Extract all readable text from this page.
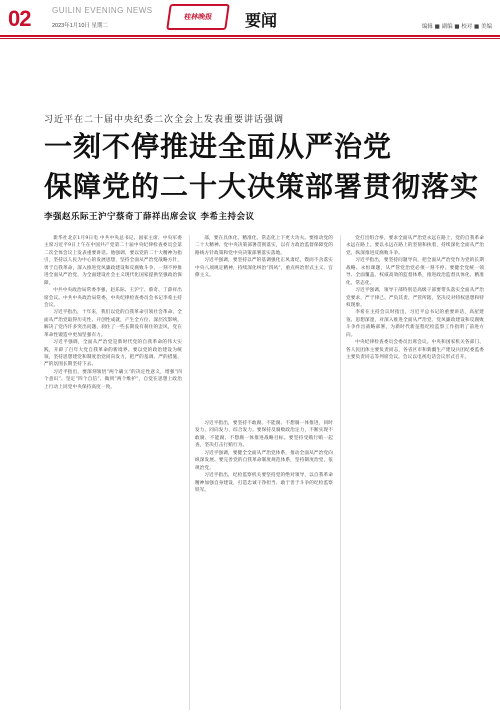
02	GUILIN EVENING NEWS
2023年1月10日 星期二
桂林晚报 要闻	编辑 ■ 副编 ■ 校对 ■ 美编
习近平在二十届中央纪委二次全会上发表重要讲话强调
一刻不停推进全面从严治党
保障党的二十大决策部署贯彻落实
李强赵乐际王沪宁蔡奇丁薛祥出席会议 李希主持会议

新华社北京1月9日电 中共中央总书记、国家主席、中央军委主席习近平9日上午在中国共产党第二十届中央纪律检查委员会第二次全体会议上发表重要讲话。他强调，要以党的二十大精神为指引，坚持以人民为中心的发展思想，坚持全面从严治党战略方针，勇于自我革命，深入推进党风廉政建设和反腐败斗争，一刻不停推进全面从严治党，为全面建设社会主义现代化国家提供坚强政治保障。

中共中央政治局常委李强、赵乐际、王沪宁、蔡奇、丁薛祥出席会议。中共中央政治局常委、中央纪律检查委员会书记李希主持会议。

习近平指出，十年来，我们以党的自我革命引领社会革命，全面从严治党取得历史性、开创性成就，产生全方位、深层次影响，解决了党内许多突出问题，刹住了一些长期没有刹住的歪风，党在革命性锻造中更加坚强有力。

习近平强调，全面从严治党是新时代党的自我革命的伟大实践，开辟了百年大党自我革命的新境界。要以党的政治建设为统领，坚持思想建党和制度治党同向发力，把严的基调、严的措施、严的氛围长期坚持下去。

习近平指出，要深刻领悟“两个确立”的决定性意义，增强“四个意识”、坚定“四个自信”、做到“两个维护”，自觉在思想上政治上行动上同党中央保持高度一致。

部，要在具体化、精准化、常态化上下更大功夫。要推动党的二十大精神、党中央决策部署贯彻落实，以有力政治监督保障党的路线方针政策和党中央决策部署落实落地。

习近平强调，要坚持以严的基调强化正风肃纪，锲而不舍落实中央八项规定精神，持续深化纠治“四风”，重点纠治形式主义、官僚主义。

习近平指出，要坚持不敢腐、不能腐、不想腐一体推进，同时发力、同向发力、综合发力。要保持反腐败政治定力，不断实现不敢腐、不能腐、不想腐一体推进战略目标。要坚持受贿行贿一起查，坚决打击行贿行为。

习近平强调，要健全全面从严治党体系，推动全面从严治党向纵深发展。要完善党的自我革命制度规范体系，坚持制度治党、依规治党。

习近平指出，纪检监察机关要坚持党的绝对领导，以自我革命精神加强自身建设，打造忠诚干净担当、敢于善于斗争的纪检监察铁军。

党打出组合拳，要求全面从严治党永远在路上，党的自我革命永远在路上。要以永远在路上的坚韧和执着，持续深化全面从严治党、纵深推进反腐败斗争。

习近平指出，要坚持问题导向，把全面从严治党作为党的长期战略、永恒课题，从严管党治党必须一刻不停。要健全党统一领导、全面覆盖、权威高效的监督体系，推进政治监督具体化、精准化、常态化。

习近平强调，领导干部特别是高级干部要带头落实全面从严治党要求，严于律己、严负其责、严管所辖，坚决反对特权思想和特权现象。

李希在主持会议时指出，习近平总书记的重要讲话，高屋建瓴、思想深邃，对深入推进全面从严治党、党风廉政建设和反腐败斗争作出战略部署，为新时代新征程纪检监察工作指明了前进方向。

中央纪律检查委员会委员出席会议。中央和国家机关各部门、各人民团体主要负责同志，各省区市和新疆生产建设兵团纪委监委主要负责同志等列席会议。会议以电视电话会议形式召开。
